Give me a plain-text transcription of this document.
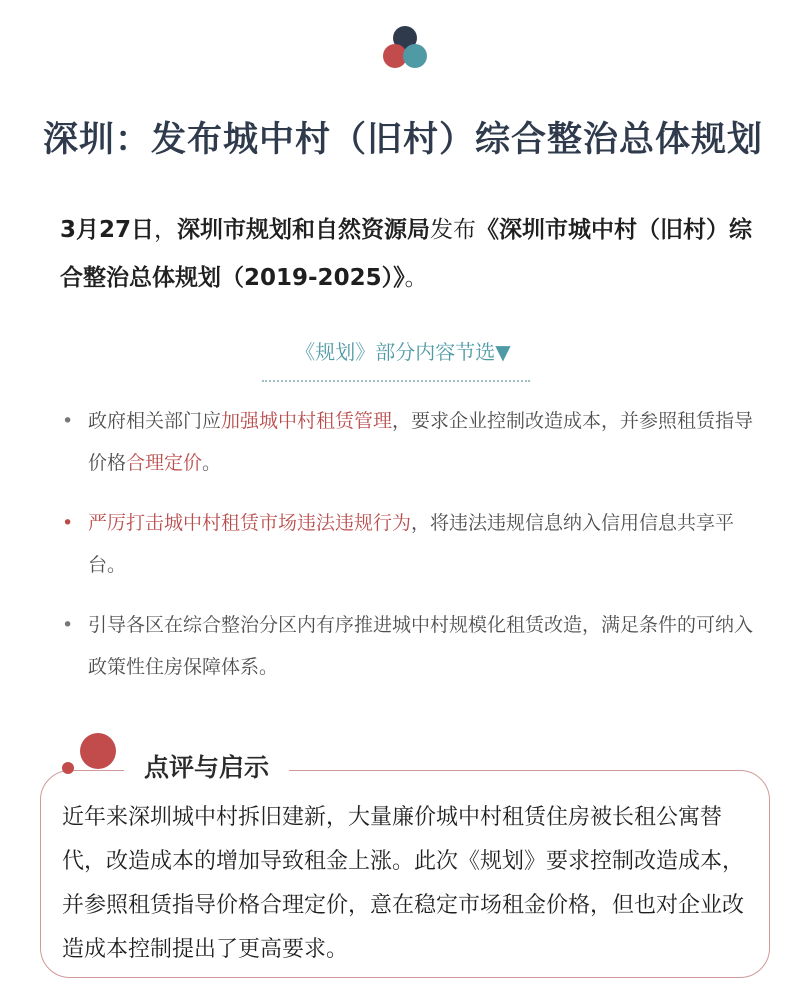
深圳：发布城中村（旧村）综合整治总体规划
3月27日，深圳市规划和自然资源局发布《深圳市城中村（旧村）综合整治总体规划（2019-2025）》。
《规划》部分内容节选▼
• 政府相关部门应加强城中村租赁管理，要求企业控制改造成本，并参照租赁指导价格合理定价。
• 严厉打击城中村租赁市场违法违规行为，将违法违规信息纳入信用信息共享平台。
• 引导各区在综合整治分区内有序推进城中村规模化租赁改造，满足条件的可纳入政策性住房保障体系。
点评与启示
近年来深圳城中村拆旧建新，大量廉价城中村租赁住房被长租公寓替代，改造成本的增加导致租金上涨。此次《规划》要求控制改造成本，并参照租赁指导价格合理定价，意在稳定市场租金价格，但也对企业改造成本控制提出了更高要求。
